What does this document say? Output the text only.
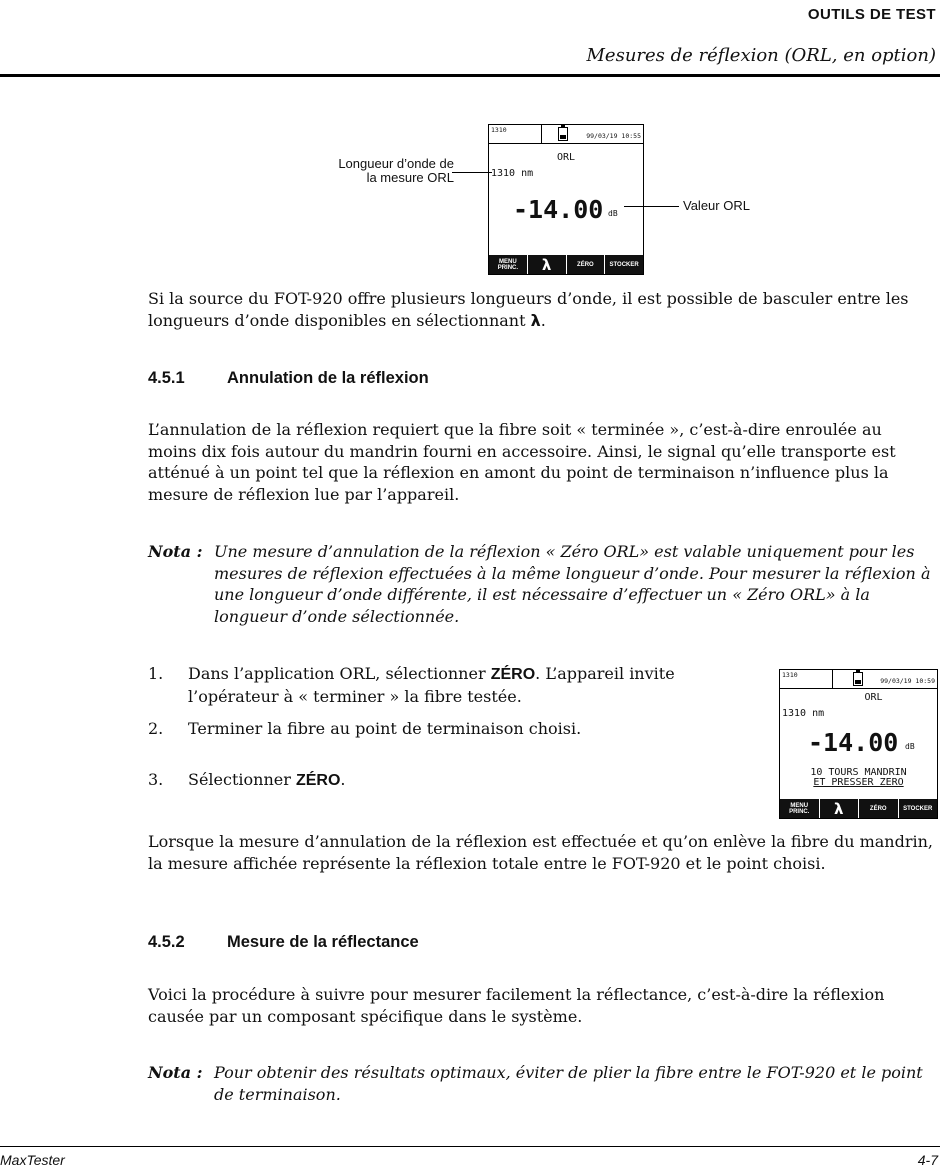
OUTILS DE TEST
Mesures de réflexion (ORL, en option)
1310
99/03/19 10:55
ORL
1310 nm
-14.00 dB
MENU PRINC.	λ	ZÉRO	STOCKER
Longueur d’onde de la mesure ORL
Valeur ORL

Si la source du FOT-920 offre plusieurs longueurs d’onde, il est possible de basculer entre les longueurs d’onde disponibles en sélectionnant λ.

4.5.1	Annulation de la réflexion

L’annulation de la réflexion requiert que la fibre soit « terminée », c’est-à-dire enroulée au moins dix fois autour du mandrin fourni en accessoire. Ainsi, le signal qu’elle transporte est atténué à un point tel que la réflexion en amont du point de terminaison n’influence plus la mesure de réflexion lue par l’appareil.

Nota : Une mesure d’annulation de la réflexion « Zéro ORL» est valable uniquement pour les mesures de réflexion effectuées à la même longueur d’onde. Pour mesurer la réflexion à une longueur d’onde différente, il est nécessaire d’effectuer un « Zéro ORL» à la longueur d’onde sélectionnée.
1. Dans l’application ORL, sélectionner ZÉRO. L’appareil invite l’opérateur à « terminer » la fibre testée.
2. Terminer la fibre au point de terminaison choisi.
3. Sélectionner ZÉRO.
1310
99/03/19 10:59
ORL
1310 nm
-14.00 dB
10 TOURS MANDRIN
ET PRESSER ZERO
MENU PRINC.	λ	ZÉRO	STOCKER

Lorsque la mesure d’annulation de la réflexion est effectuée et qu’on enlève la fibre du mandrin, la mesure affichée représente la réflexion totale entre le FOT-920 et le point choisi.

4.5.2	Mesure de la réflectance

Voici la procédure à suivre pour mesurer facilement la réflectance, c’est-à-dire la réflexion causée par un composant spécifique dans le système.

Nota : Pour obtenir des résultats optimaux, éviter de plier la fibre entre le FOT-920 et le point de terminaison.
MaxTester	4-7
